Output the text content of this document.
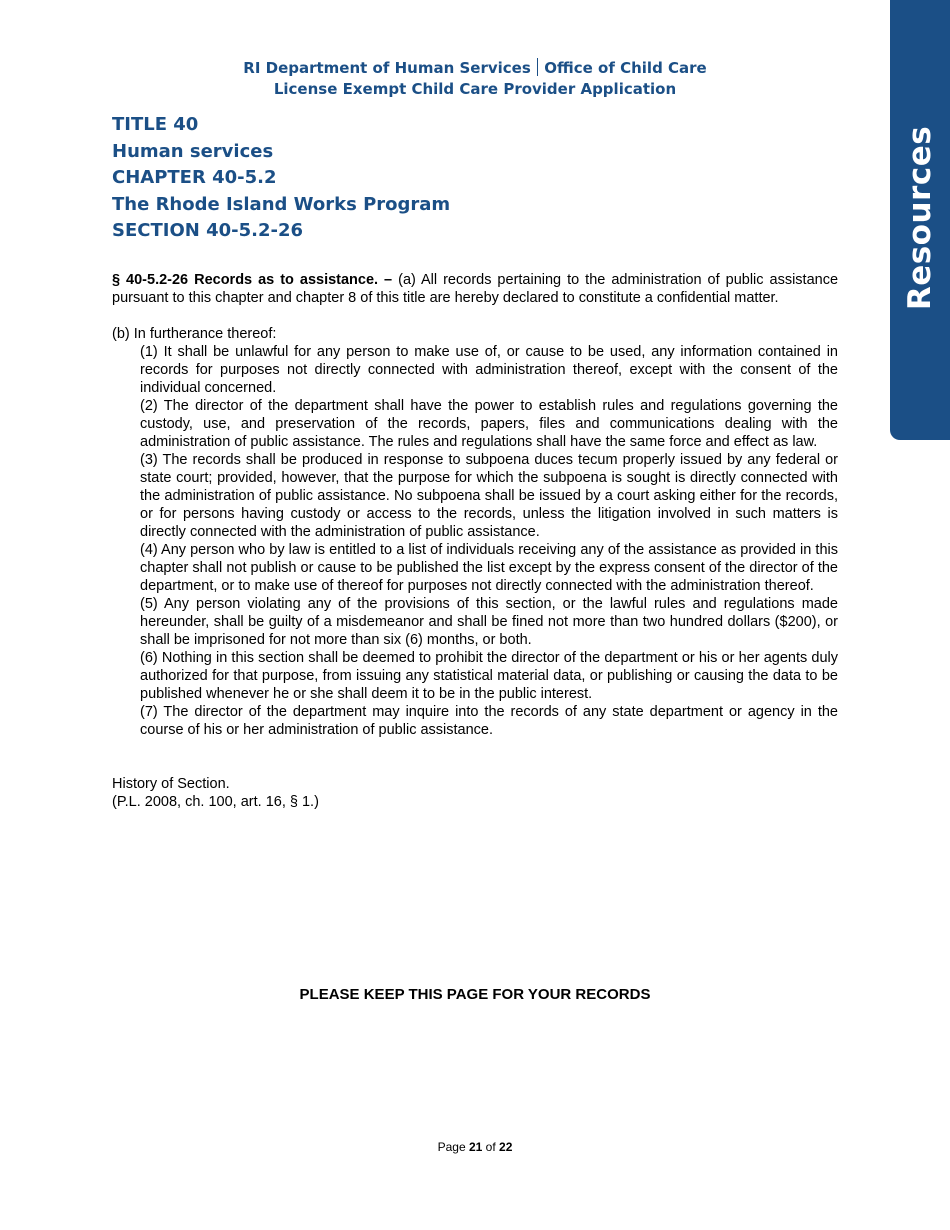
Resources
RI Department of Human Services Office of Child Care
License Exempt Child Care Provider Application
TITLE 40
Human services
CHAPTER 40-5.2
The Rhode Island Works Program
SECTION 40-5.2-26

§ 40-5.2-26 Records as to assistance. – (a) All records pertaining to the administration of public assistance pursuant to this chapter and chapter 8 of this title are hereby declared to constitute a confidential matter.

(b) In furtherance thereof:

(1) It shall be unlawful for any person to make use of, or cause to be used, any information contained in records for purposes not directly connected with administration thereof, except with the consent of the individual concerned.

(2) The director of the department shall have the power to establish rules and regulations governing the custody, use, and preservation of the records, papers, files and communications dealing with the administration of public assistance. The rules and regulations shall have the same force and effect as law.

(3) The records shall be produced in response to subpoena duces tecum properly issued by any federal or state court; provided, however, that the purpose for which the subpoena is sought is directly connected with the administration of public assistance. No subpoena shall be issued by a court asking either for the records, or for persons having custody or access to the records, unless the litigation involved in such matters is directly connected with the administration of public assistance.

(4) Any person who by law is entitled to a list of individuals receiving any of the assistance as provided in this chapter shall not publish or cause to be published the list except by the express consent of the director of the department, or to make use of thereof for purposes not directly connected with the administration thereof.

(5) Any person violating any of the provisions of this section, or the lawful rules and regulations made hereunder, shall be guilty of a misdemeanor and shall be fined not more than two hundred dollars ($200), or shall be imprisoned for not more than six (6) months, or both.

(6) Nothing in this section shall be deemed to prohibit the director of the department or his or her agents duly authorized for that purpose, from issuing any statistical material data, or publishing or causing the data to be published whenever he or she shall deem it to be in the public interest.

(7) The director of the department may inquire into the records of any state department or agency in the course of his or her administration of public assistance.

History of Section.

(P.L. 2008, ch. 100, art. 16, § 1.)

PLEASE KEEP THIS PAGE FOR YOUR RECORDS
Page 21 of 22
